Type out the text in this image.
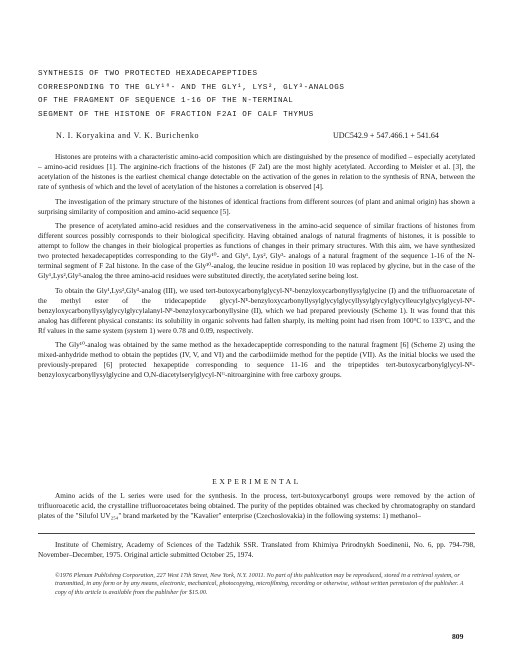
SYNTHESIS OF TWO PROTECTED HEXADECAPEPTIDES
CORRESPONDING TO THE GLY¹⁰- AND THE GLY¹, LYS², GLY³-ANALOGS
OF THE FRAGMENT OF SEQUENCE 1-16 OF THE N-TERMINAL
SEGMENT OF THE HISTONE OF FRACTION F2AI OF CALF THYMUS
N. I. Koryakina and V. K. Burichenko	UDC542.9 + 547.466.1 + 541.64

Histones are proteins with a characteristic amino-acid composition which are distinguished by the presence of modified – especially acetylated – amino-acid residues [1]. The arginine-rich fractions of the histones (F 2aI) are the most highly acetylated. According to Meisler et al. [3], the acetylation of the histones is the earliest chemical change detectable on the activation of the genes in relation to the synthesis of RNA, between the rate of synthesis of which and the level of acetylation of the histones a correlation is observed [4].

The investigation of the primary structure of the histones of identical fractions from different sources (of plant and animal origin) has shown a surprising similarity of composition and amino-acid sequence [5].

The presence of acetylated amino-acid residues and the conservativeness in the amino-acid sequence of similar fractions of histones from different sources possibly corresponds to their biological specificity. Having obtained analogs of natural fragments of histones, it is possible to attempt to follow the changes in their biological properties as functions of changes in their primary structures. With this aim, we have synthesized two protected hexadecapeptides corresponding to the Gly¹⁰- and Gly¹, Lys², Gly³- analogs of a natural fragment of the sequence 1-16 of the N-terminal segment of F 2aI histone. In the case of the Gly¹⁰-analog, the leucine residue in position 10 was replaced by glycine, but in the case of the Gly¹,Lys²,Gly³-analog the three amino-acid residues were substituted directly, the acetylated serine being lost.

To obtain the Gly¹,Lys²,Gly³-analog (III), we used tert-butoxycarbonylglycyl-Nᴱ-benzyloxycarbonyllysylglycine (I) and the trifluoroacetate of the methyl ester of the tridecapeptide glycyl-Nᴱ-benzyloxycarbonyllysylglycylglycyllysylglycylglycylleucylglycylglycyl-Nᴱ-benzyloxycarbonyllysylglycylglycylalanyl-Nᴱ-benzyloxycarbonyllysine (II), which we had prepared previously (Scheme 1). It was found that this analog has different physical constants: its solubility in organic solvents had fallen sharply, its melting point had risen from 100°C to 133°C, and the Rf values in the same system (system 1) were 0.78 and 0.09, respectively.

The Gly¹⁰-analog was obtained by the same method as the hexadecapeptide corresponding to the natural fragment [6] (Scheme 2) using the mixed-anhydride method to obtain the peptides (IV, V, and VI) and the carbodiimide method for the peptide (VII). As the initial blocks we used the previously-prepared [6] protected hexapeptide corresponding to sequence 11-16 and the tripeptides tert-butoxycarbonylglycyl-Nᴱ-benzyloxycarbonyllysylglycine and O,N-diacetylserylglycyl-Nᴳ-nitroarginine with free carboxy groups.

EXPERIMENTAL

Amino acids of the L series were used for the synthesis. In the process, tert-butoxycarbonyl groups were removed by the action of trifluoroacetic acid, the crystalline trifluoroacetates being obtained. The purity of the peptides obtained was checked by chromatography on standard plates of the "Silufol UV₂₅₄" brand marketed by the "Kavalier" enterprise (Czechoslovakia) in the following systems: 1) methanol–

Institute of Chemistry, Academy of Sciences of the Tadzhik SSR. Translated from Khimiya Prirodnykh Soedinenii, No. 6, pp. 794-798, November–December, 1975. Original article submitted October 25, 1974.

©1976 Plenum Publishing Corporation, 227 West 17th Street, New York, N.Y. 10011. No part of this publication may be reproduced, stored in a retrieval system, or transmitted, in any form or by any means, electronic, mechanical, photocopying, microfilming, recording or otherwise, without written permission of the publisher. A copy of this article is available from the publisher for $15.00.
809
